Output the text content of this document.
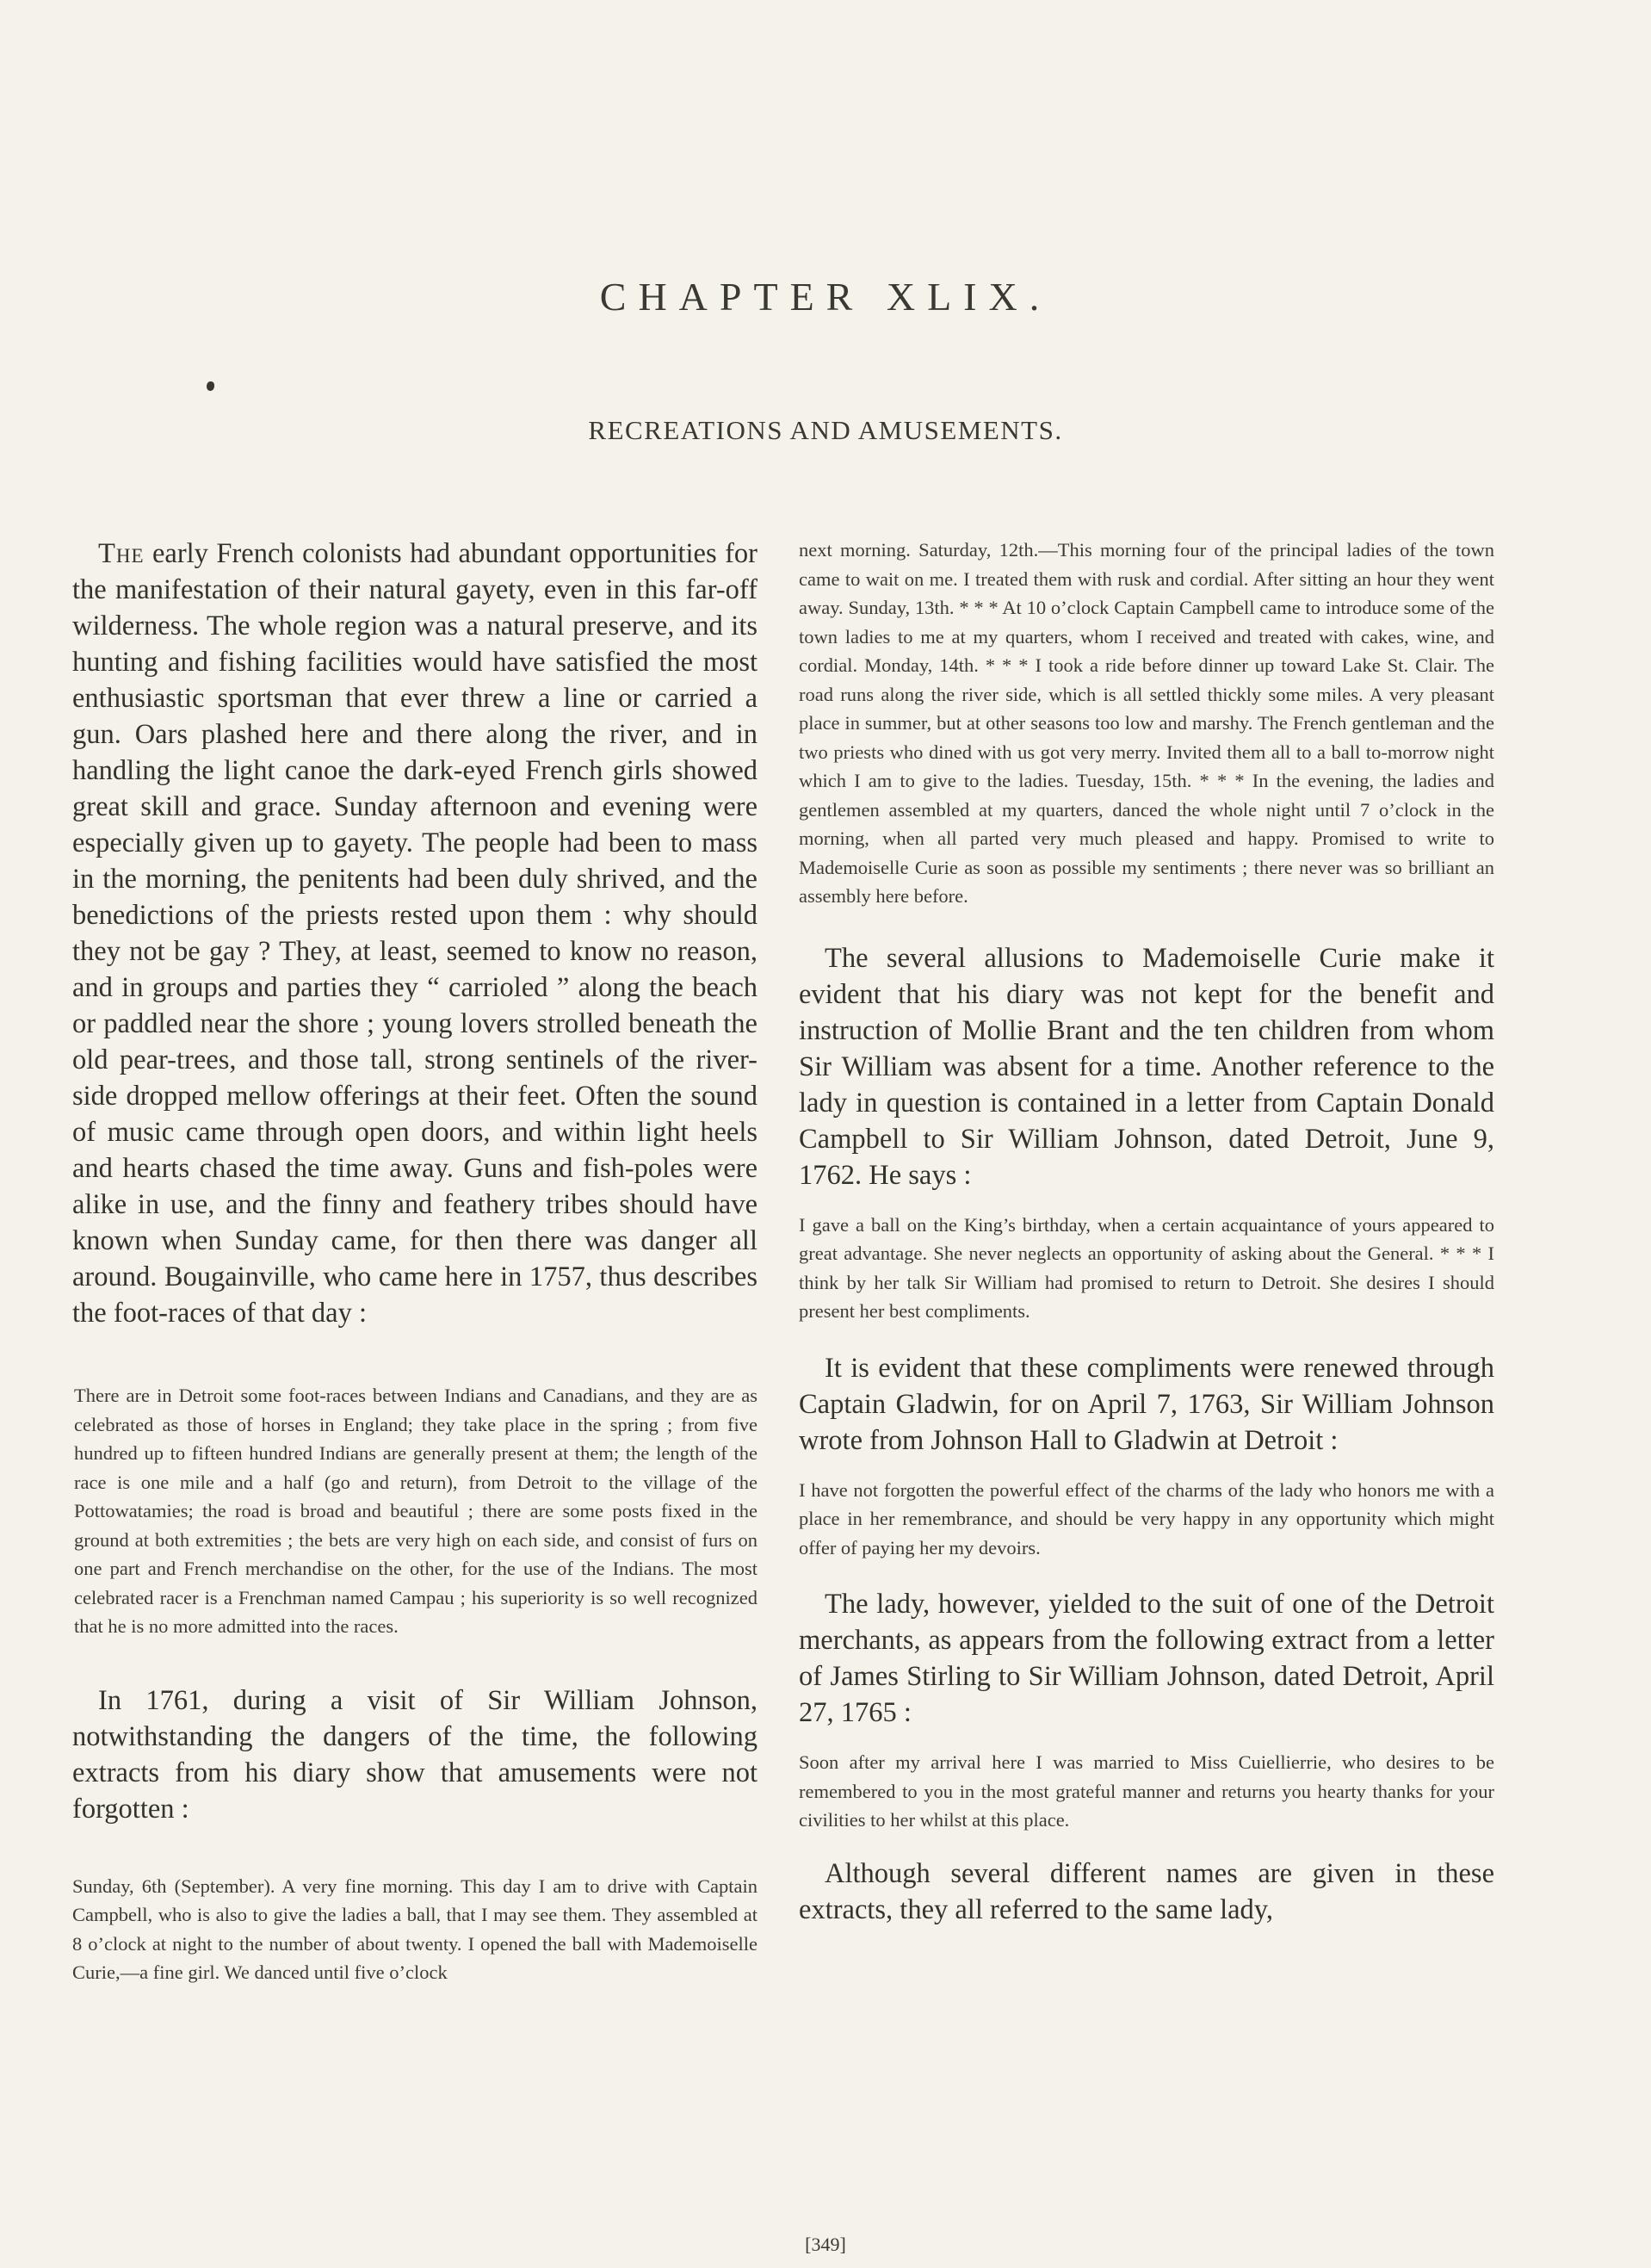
CHAPTER XLIX.
RECREATIONS AND AMUSEMENTS.

The early French colonists had abundant opportunities for the manifestation of their natural gayety, even in this far-off wilderness. The whole region was a natural preserve, and its hunting and fishing facilities would have satisfied the most enthusiastic sportsman that ever threw a line or carried a gun. Oars plashed here and there along the river, and in handling the light canoe the dark-eyed French girls showed great skill and grace. Sunday afternoon and evening were especially given up to gayety. The people had been to mass in the morning, the penitents had been duly shrived, and the benedictions of the priests rested upon them : why should they not be gay ? They, at least, seemed to know no reason, and in groups and parties they “ carrioled ” along the beach or paddled near the shore ; young lovers strolled beneath the old pear-trees, and those tall, strong sentinels of the river-side dropped mellow offerings at their feet. Often the sound of music came through open doors, and within light heels and hearts chased the time away. Guns and fish-poles were alike in use, and the finny and feathery tribes should have known when Sunday came, for then there was danger all around. Bougainville, who came here in 1757, thus describes the foot-races of that day :

There are in Detroit some foot-races between Indians and Canadians, and they are as celebrated as those of horses in England; they take place in the spring ; from five hundred up to fifteen hundred Indians are generally present at them; the length of the race is one mile and a half (go and return), from Detroit to the village of the Pottowatamies; the road is broad and beautiful ; there are some posts fixed in the ground at both extremities ; the bets are very high on each side, and consist of furs on one part and French merchandise on the other, for the use of the Indians. The most celebrated racer is a Frenchman named Campau ; his superiority is so well recognized that he is no more admitted into the races.

In 1761, during a visit of Sir William Johnson, notwithstanding the dangers of the time, the following extracts from his diary show that amusements were not forgotten :

Sunday, 6th (September). A very fine morning. This day I am to drive with Captain Campbell, who is also to give the ladies a ball, that I may see them. They assembled at 8 o’clock at night to the number of about twenty. I opened the ball with Mademoiselle Curie,—a fine girl. We danced until five o’clock

next morning. Saturday, 12th.—This morning four of the principal ladies of the town came to wait on me. I treated them with rusk and cordial. After sitting an hour they went away. Sunday, 13th. * * * At 10 o’clock Captain Campbell came to introduce some of the town ladies to me at my quarters, whom I received and treated with cakes, wine, and cordial. Monday, 14th. * * * I took a ride before dinner up toward Lake St. Clair. The road runs along the river side, which is all settled thickly some miles. A very pleasant place in summer, but at other seasons too low and marshy. The French gentleman and the two priests who dined with us got very merry. Invited them all to a ball to-morrow night which I am to give to the ladies. Tuesday, 15th. * * * In the evening, the ladies and gentlemen assembled at my quarters, danced the whole night until 7 o’clock in the morning, when all parted very much pleased and happy. Promised to write to Mademoiselle Curie as soon as possible my sentiments ; there never was so brilliant an assembly here before.

The several allusions to Mademoiselle Curie make it evident that his diary was not kept for the benefit and instruction of Mollie Brant and the ten children from whom Sir William was absent for a time. Another reference to the lady in question is contained in a letter from Captain Donald Campbell to Sir William Johnson, dated Detroit, June 9, 1762. He says :

I gave a ball on the King’s birthday, when a certain acquaintance of yours appeared to great advantage. She never neglects an opportunity of asking about the General. * * * I think by her talk Sir William had promised to return to Detroit. She desires I should present her best compliments.

It is evident that these compliments were renewed through Captain Gladwin, for on April 7, 1763, Sir William Johnson wrote from Johnson Hall to Gladwin at Detroit :

I have not forgotten the powerful effect of the charms of the lady who honors me with a place in her remembrance, and should be very happy in any opportunity which might offer of paying her my devoirs.

The lady, however, yielded to the suit of one of the Detroit merchants, as appears from the following extract from a letter of James Stirling to Sir William Johnson, dated Detroit, April 27, 1765 :

Soon after my arrival here I was married to Miss Cuiellierrie, who desires to be remembered to you in the most grateful manner and returns you hearty thanks for your civilities to her whilst at this place.

Although several different names are given in these extracts, they all referred to the same lady,

[349]
